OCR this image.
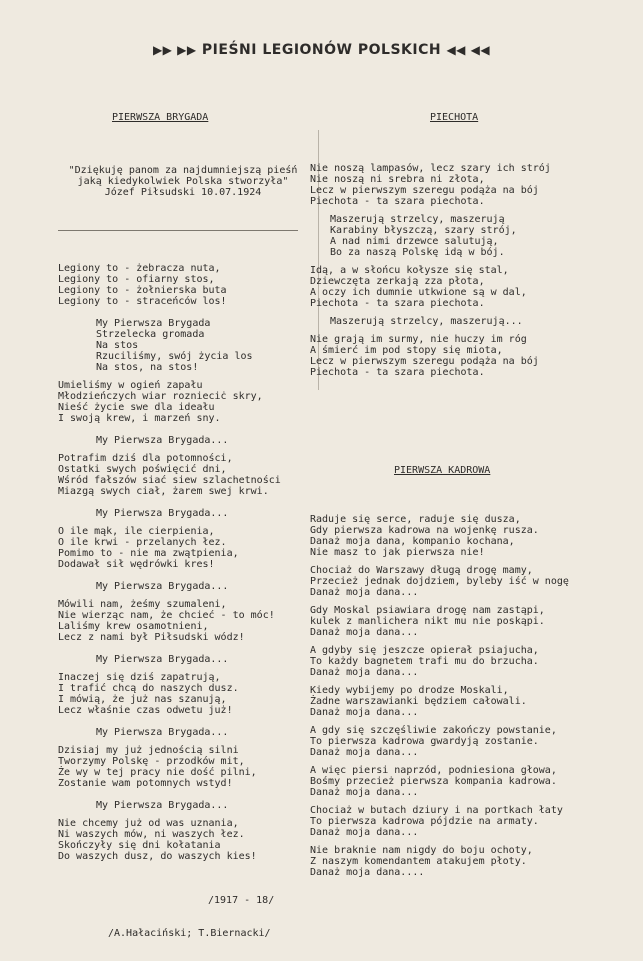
▶▶ ▶▶ PIEŚNI LEGIONÓW POLSKICH ◀◀ ◀◀

PIERWSZA BRYGADA

"Dziękuję panom za najdumniejszą pieśń
jaką kiedykolwiek Polska stworzyła"
Józef Piłsudski 10.07.1924

Legiony to - żebracza nuta,
Legiony to - ofiarny stos,
Legiony to - żołnierska buta
Legiony to - straceńców los!
My Pierwsza Brygada
Strzelecka gromada
Na stos
Rzuciliśmy, swój życia los
Na stos, na stos!
Umieliśmy w ogień zapału
Młodzieńczych wiar roznieciċ skry,
Nieść życie swe dla ideału
I swoją krew, i marzeń sny.
My Pierwsza Brygada...
Potrafim dziś dla potomności,
Ostatki swych poświęcić dni,
Wśród fałszów siać siew szlachetności
Miazgą swych ciał, żarem swej krwi.
My Pierwsza Brygada...
O ile mąk, ile cierpienia,
O ile krwi - przelanych łez.
Pomimo to - nie ma zwątpienia,
Dodawał sił wędrówki kres!
My Pierwsza Brygada...
Mówili nam, żeśmy szumaleni,
Nie wierząc nam, że chcieć - to móc!
Laliśmy krew osamotnieni,
Lecz z nami był Piłsudski wódz!
My Pierwsza Brygada...
Inaczej się dziś zapatrują,
I trafić chcą do naszych dusz.
I mówią, że już nas szanują,
Lecz właśnie czas odwetu już!
My Pierwsza Brygada...
Dzisiaj my już jednością silni
Tworzymy Polskę - przodków mit,
Że wy w tej pracy nie dość pilni,
Zostanie wam potomnych wstyd!
My Pierwsza Brygada...
Nie chcemy już od was uznania,
Ni waszych mów, ni waszych łez.
Skończyły się dni kołatania
Do waszych dusz, do waszych kies!

/1917 - 18/

/A.Hałaciński; T.Biernacki/

PIECHOTA

Nie noszą lampasów, lecz szary ich strój
Nie noszą ni srebra ni złota,
Lecz w pierwszym szeregu podąża na bój
Piechota - ta szara piechota.
Maszerują strzelcy, maszerują
Karabiny błyszczą, szary strój,
A nad nimi drzewce salutują,
Bo za naszą Polskę idą w bój.
Idą, a w słońcu kołysze się stal,
Dziewczęta zerkają zza płota,
A oczy ich dumnie utkwione są w dal,
Piechota - ta szara piechota.
Maszerują strzelcy, maszerują...
Nie grają im surmy, nie huczy im róg
A śmierć im pod stopy się miota,
Lecz w pierwszym szeregu podąża na bój
Piechota - ta szara piechota.

PIERWSZA KADROWA

Raduje się serce, raduje się dusza,
Gdy pierwsza kadrowa na wojenkę rusza.
Danaż moja dana, kompanio kochana,
Nie masz to jak pierwsza nie!
Chociaż do Warszawy długą drogę mamy,
Przecież jednak dojdziem, byleby iść w nogę
Danaż moja dana...
Gdy Moskal psiawiara drogę nam zastąpi,
kulek z manlichera nikt mu nie poskąpi.
Danaż moja dana...
A gdyby się jeszcze opierał psiajucha,
To każdy bagnetem trafi mu do brzucha.
Danaż moja dana...
Kiedy wybijemy po drodze Moskali,
Żadne warszawianki będziem całowali.
Danaż moja dana...
A gdy się szczęśliwie zakończy powstanie,
To pierwsza kadrowa gwardyją zostanie.
Danaż moja dana...
A więc piersi naprzód, podniesiona głowa,
Bośmy przecież pierwsza kompania kadrowa.
Danaż moja dana...
Chociaż w butach dziury i na portkach łaty
To pierwsza kadrowa pójdzie na armaty.
Danaż moja dana...
Nie braknie nam nigdy do boju ochoty,
Z naszym komendantem atakujem płoty.
Danaż moja dana....
